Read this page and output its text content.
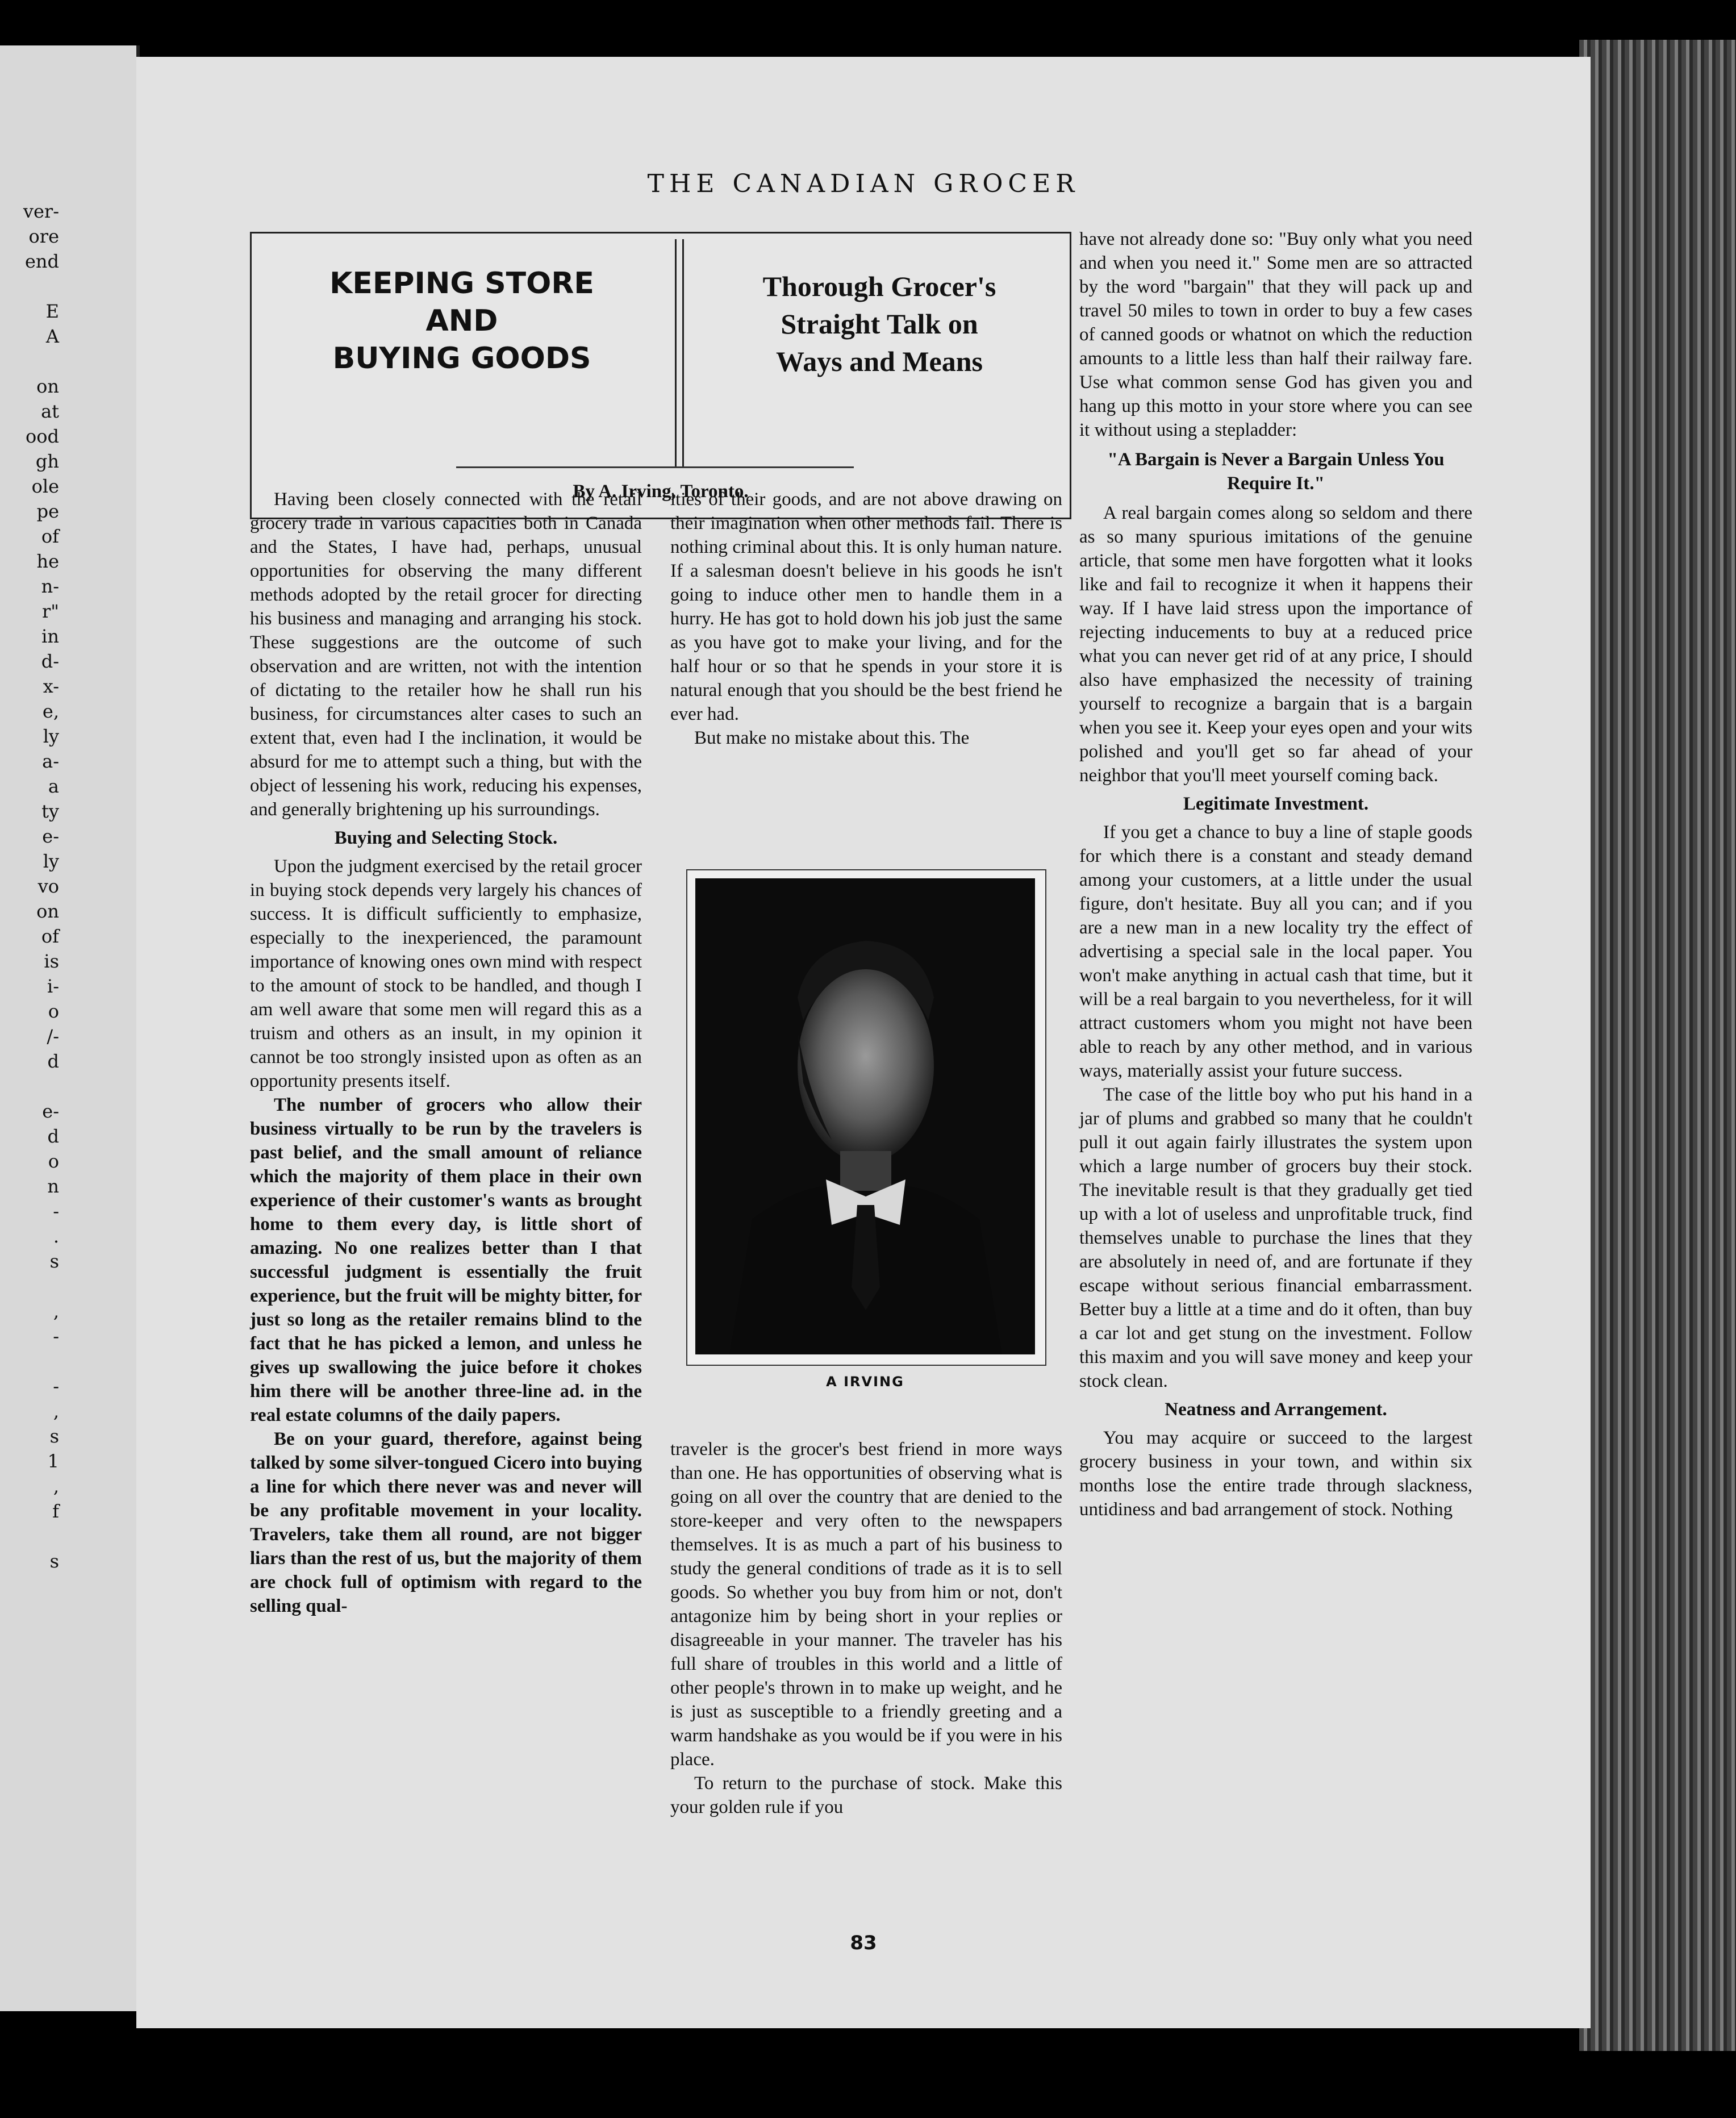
ver-
ore
end
E
A
on
at
ood
gh
ole
pe
of
he
n-
r"
in
d-
x-
e,
ly
a-
a
ty
e-
ly
vo
on
of
is
i-
o
/-
d
e-
d
o
n
-
.
s
,
-
-
,
s
1
,
f
s
THE CANADIAN GROCER
KEEPING STORE
AND
BUYING GOODS
Thorough Grocer's
Straight Talk on
Ways and Means
By A. Irving, Toronto.

Having been closely connected with the retail grocery trade in various capacities both in Canada and the States, I have had, perhaps, unusual opportunities for observing the many different methods adopted by the retail grocer for directing his business and managing and arranging his stock. These suggestions are the outcome of such observation and are written, not with the intention of dictating to the retailer how he shall run his business, for circumstances alter cases to such an extent that, even had I the inclination, it would be absurd for me to attempt such a thing, but with the object of lessening his work, reducing his expenses, and generally brightening up his surroundings.

Buying and Selecting Stock.

Upon the judgment exercised by the retail grocer in buying stock depends very largely his chances of success. It is difficult sufficiently to emphasize, especially to the inexperienced, the paramount importance of knowing ones own mind with respect to the amount of stock to be handled, and though I am well aware that some men will regard this as a truism and others as an insult, in my opinion it cannot be too strongly insisted upon as often as an opportunity presents itself.

The number of grocers who allow their business virtually to be run by the travelers is past belief, and the small amount of reliance which the majority of them place in their own experience of their customer's wants as brought home to them every day, is little short of amazing. No one realizes better than I that successful judgment is essentially the fruit experience, but the fruit will be mighty bitter, for just so long as the retailer remains blind to the fact that he has picked a lemon, and unless he gives up swallowing the juice before it chokes him there will be another three-line ad. in the real estate columns of the daily papers.

Be on your guard, therefore, against being talked by some silver-tongued Cicero into buying a line for which there never was and never will be any profitable movement in your locality. Travelers, take them all round, are not bigger liars than the rest of us, but the majority of them are chock full of optimism with regard to the selling qual-

ities of their goods, and are not above drawing on their imagination when other methods fail. There is nothing criminal about this. It is only human nature. If a salesman doesn't believe in his goods he isn't going to induce other men to handle them in a hurry. He has got to hold down his job just the same as you have got to make your living, and for the half hour or so that he spends in your store it is natural enough that you should be the best friend he ever had.

But make no mistake about this. The

A IRVING

traveler is the grocer's best friend in more ways than one. He has opportunities of observing what is going on all over the country that are denied to the store-keeper and very often to the newspapers themselves. It is as much a part of his business to study the general conditions of trade as it is to sell goods. So whether you buy from him or not, don't antagonize him by being short in your replies or disagreeable in your manner. The traveler has his full share of troubles in this world and a little of other people's thrown in to make up weight, and he is just as susceptible to a friendly greeting and a warm handshake as you would be if you were in his place.

To return to the purchase of stock. Make this your golden rule if you

have not already done so: "Buy only what you need and when you need it." Some men are so attracted by the word "bargain" that they will pack up and travel 50 miles to town in order to buy a few cases of canned goods or whatnot on which the reduction amounts to a little less than half their railway fare. Use what common sense God has given you and hang up this motto in your store where you can see it without using a stepladder:

"A Bargain is Never a Bargain Unless You Require It."

A real bargain comes along so seldom and there as so many spurious imitations of the genuine article, that some men have forgotten what it looks like and fail to recognize it when it happens their way. If I have laid stress upon the importance of rejecting inducements to buy at a reduced price what you can never get rid of at any price, I should also have emphasized the necessity of training yourself to recognize a bargain that is a bargain when you see it. Keep your eyes open and your wits polished and you'll get so far ahead of your neighbor that you'll meet yourself coming back.

Legitimate Investment.

If you get a chance to buy a line of staple goods for which there is a constant and steady demand among your customers, at a little under the usual figure, don't hesitate. Buy all you can; and if you are a new man in a new locality try the effect of advertising a special sale in the local paper. You won't make anything in actual cash that time, but it will be a real bargain to you nevertheless, for it will attract customers whom you might not have been able to reach by any other method, and in various ways, materially assist your future success.

The case of the little boy who put his hand in a jar of plums and grabbed so many that he couldn't pull it out again fairly illustrates the system upon which a large number of grocers buy their stock. The inevitable result is that they gradually get tied up with a lot of useless and unprofitable truck, find themselves unable to purchase the lines that they are absolutely in need of, and are fortunate if they escape without serious financial embarrassment. Better buy a little at a time and do it often, than buy a car lot and get stung on the investment. Follow this maxim and you will save money and keep your stock clean.

Neatness and Arrangement.

You may acquire or succeed to the largest grocery business in your town, and within six months lose the entire trade through slackness, untidiness and bad arrangement of stock. Nothing

83
